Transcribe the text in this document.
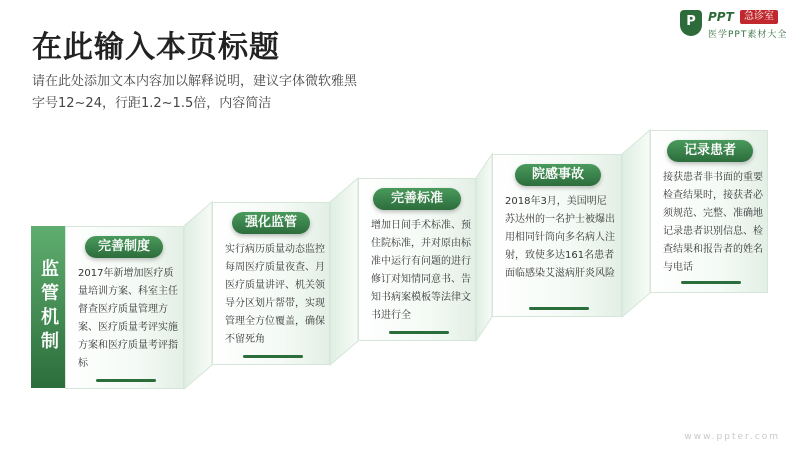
在此输入本页标题
请在此处添加文本内容加以解释说明，建议字体微软雅黑
字号12~24，行距1.2~1.5倍，内容简洁
P	PPT	急诊室
医学PPT素材大全
监管机制
完善制度

2017年新增加医疗质量培训方案、科室主任督查医疗质量管理方案、医疗质量考评实施方案和医疗质量考评指标

强化监管

实行病历质量动态监控每周医疗质量夜查、月医疗质量讲评、机关领导分区划片帮带，实现管理全方位覆盖，确保不留死角

完善标准

增加日间手术标准、预住院标准，并对原由标准中运行有问题的进行修订对知情同意书、告知书病案模板等法律文书进行全

院感事故

2018年3月，美国明尼苏达州的一名护士被爆出用相同针筒向多名病人注射，致使多达161名患者面临感染艾滋病肝炎风险

记录患者

接获患者非书面的重要检查结果时，接获者必须规范、完整、准确地记录患者识别信息、检查结果和报告者的姓名与电话

www.ppter.com
